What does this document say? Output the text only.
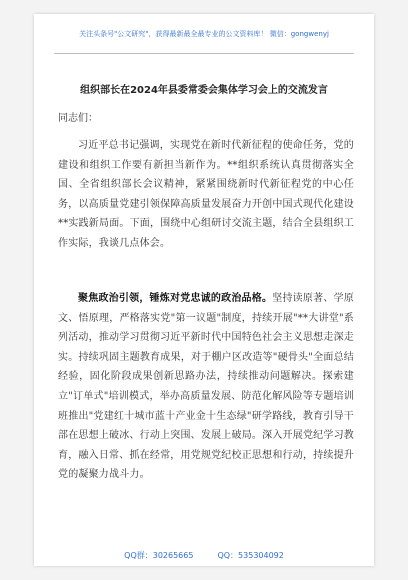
关注头条号"公文研究"，获得最新最全最专业的公文资料库！ 微信：gongwenyj
组织部长在2024年县委常委会集体学习会上的交流发言
同志们：
习近平总书记强调，实现党在新时代新征程的使命任务，党的建设和组织工作要有新担当新作为。**组织系统认真贯彻落实全国、全省组织部长会议精神，紧紧围绕新时代新征程党的中心任务，以高质量党建引领保障高质量发展奋力开创中国式现代化建设**实践新局面。下面，围绕中心组研讨交流主题，结合全县组织工作实际，我谈几点体会。
聚焦政治引领，锤炼对党忠诚的政治品格。坚持读原著、学原文、悟原理，严格落实党"第一议题"制度，持续开展"**大讲堂"系列活动，推动学习贯彻习近平新时代中国特色社会主义思想走深走实。持续巩固主题教育成果，对于棚户区改造等"硬骨头"全面总结经验，固化阶段成果创新思路办法，持续推动问题解决。探索建立"订单式"培训模式，举办高质量发展、防范化解风险等专题培训班推出"党建红十城市蓝十产业金十生态绿"研学路线，教育引导干部在思想上破冰、行动上突围、发展上破局。深入开展党纪学习教育，融入日常、抓在经常，用党规党纪校正思想和行动，持续提升党的凝聚力战斗力。
QQ群：30265665	QQ：535304092
